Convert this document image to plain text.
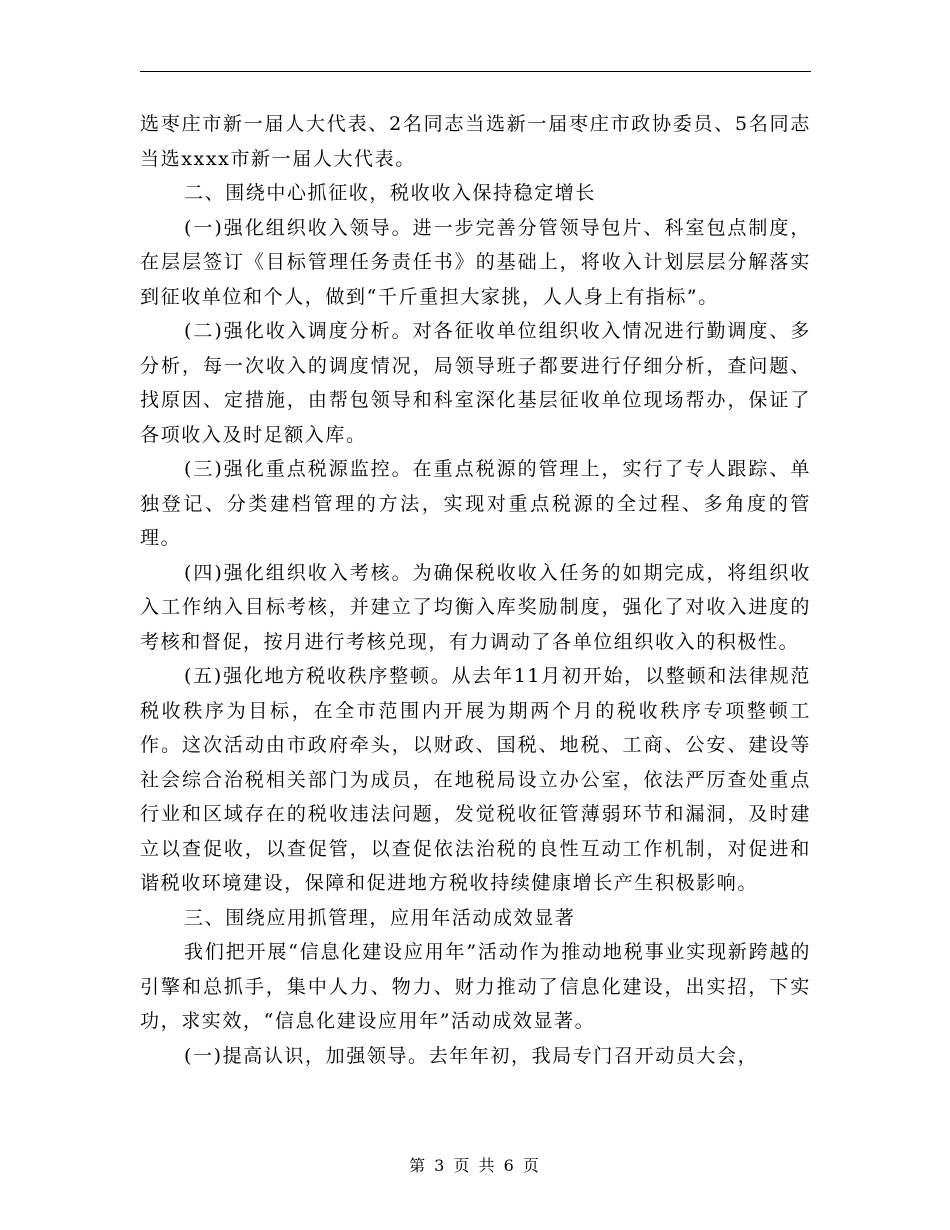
选枣庄市新一届人大代表、2名同志当选新一届枣庄市政协委员、5名同志当选xxxx市新一届人大代表。

二、围绕中心抓征收，税收收入保持稳定增长

(一)强化组织收入领导。进一步完善分管领导包片、科室包点制度，在层层签订《目标管理任务责任书》的基础上，将收入计划层层分解落实到征收单位和个人，做到“千斤重担大家挑，人人身上有指标”。

(二)强化收入调度分析。对各征收单位组织收入情况进行勤调度、多分析，每一次收入的调度情况，局领导班子都要进行仔细分析，查问题、找原因、定措施，由帮包领导和科室深化基层征收单位现场帮办，保证了各项收入及时足额入库。

(三)强化重点税源监控。在重点税源的管理上，实行了专人跟踪、单独登记、分类建档管理的方法，实现对重点税源的全过程、多角度的管理。

(四)强化组织收入考核。为确保税收收入任务的如期完成，将组织收入工作纳入目标考核，并建立了均衡入库奖励制度，强化了对收入进度的考核和督促，按月进行考核兑现，有力调动了各单位组织收入的积极性。

(五)强化地方税收秩序整顿。从去年11月初开始，以整顿和法律规范税收秩序为目标，在全市范围内开展为期两个月的税收秩序专项整顿工作。这次活动由市政府牵头，以财政、国税、地税、工商、公安、建设等社会综合治税相关部门为成员，在地税局设立办公室，依法严厉查处重点行业和区域存在的税收违法问题，发觉税收征管薄弱环节和漏洞，及时建立以查促收，以查促管，以查促依法治税的良性互动工作机制，对促进和谐税收环境建设，保障和促进地方税收持续健康增长产生积极影响。

三、围绕应用抓管理，应用年活动成效显著

我们把开展“信息化建设应用年”活动作为推动地税事业实现新跨越的引擎和总抓手，集中人力、物力、财力推动了信息化建设，出实招，下实功，求实效，“信息化建设应用年”活动成效显著。

(一)提高认识，加强领导。去年年初，我局专门召开动员大会，

第 3 页 共 6 页
